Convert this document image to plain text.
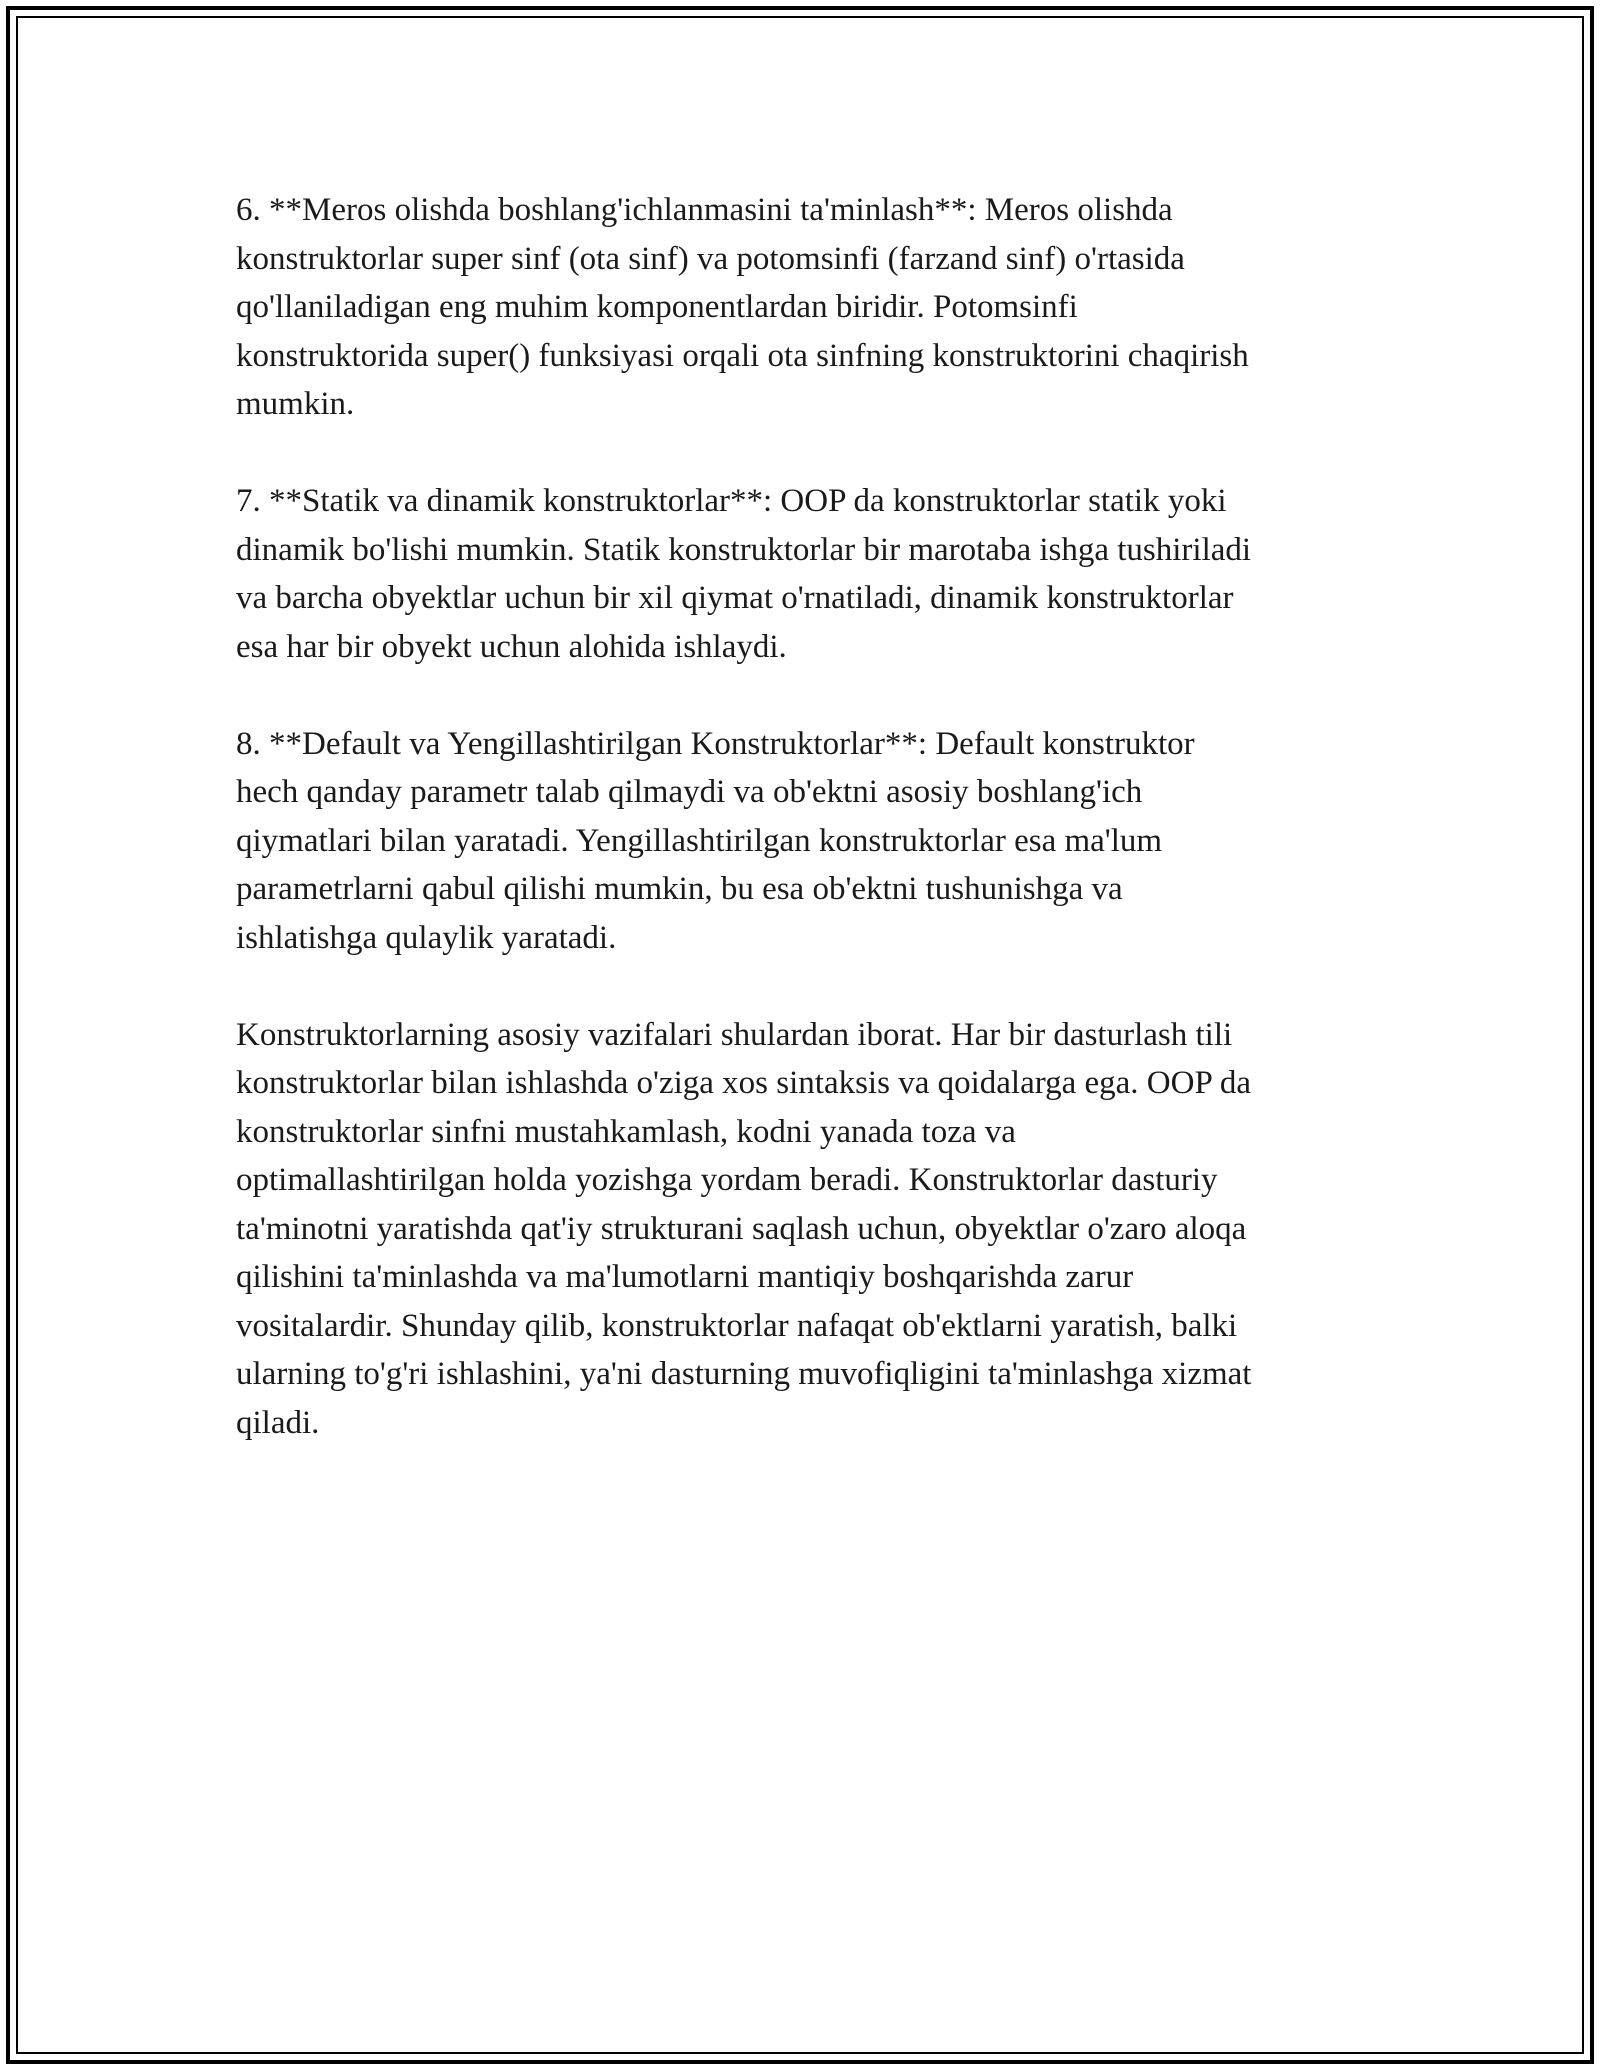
6. **Meros olishda boshlang'ichlanmasini ta'minlash**: Meros olishda
konstruktorlar super sinf (ota sinf) va potomsinfi (farzand sinf) o'rtasida
qo'llaniladigan eng muhim komponentlardan biridir. Potomsinfi
konstruktorida super() funksiyasi orqali ota sinfning konstruktorini chaqirish
mumkin.

7. **Statik va dinamik konstruktorlar**: OOP da konstruktorlar statik yoki
dinamik bo'lishi mumkin. Statik konstruktorlar bir marotaba ishga tushiriladi
va barcha obyektlar uchun bir xil qiymat o'rnatiladi, dinamik konstruktorlar
esa har bir obyekt uchun alohida ishlaydi.

8. **Default va Yengillashtirilgan Konstruktorlar**: Default konstruktor
hech qanday parametr talab qilmaydi va ob'ektni asosiy boshlang'ich
qiymatlari bilan yaratadi. Yengillashtirilgan konstruktorlar esa ma'lum
parametrlarni qabul qilishi mumkin, bu esa ob'ektni tushunishga va
ishlatishga qulaylik yaratadi.

Konstruktorlarning asosiy vazifalari shulardan iborat. Har bir dasturlash tili
konstruktorlar bilan ishlashda o'ziga xos sintaksis va qoidalarga ega. OOP da
konstruktorlar sinfni mustahkamlash, kodni yanada toza va
optimallashtirilgan holda yozishga yordam beradi. Konstruktorlar dasturiy
ta'minotni yaratishda qat'iy strukturani saqlash uchun, obyektlar o'zaro aloqa
qilishini ta'minlashda va ma'lumotlarni mantiqiy boshqarishda zarur
vositalardir. Shunday qilib, konstruktorlar nafaqat ob'ektlarni yaratish, balki
ularning to'g'ri ishlashini, ya'ni dasturning muvofiqligini ta'minlashga xizmat
qiladi.
